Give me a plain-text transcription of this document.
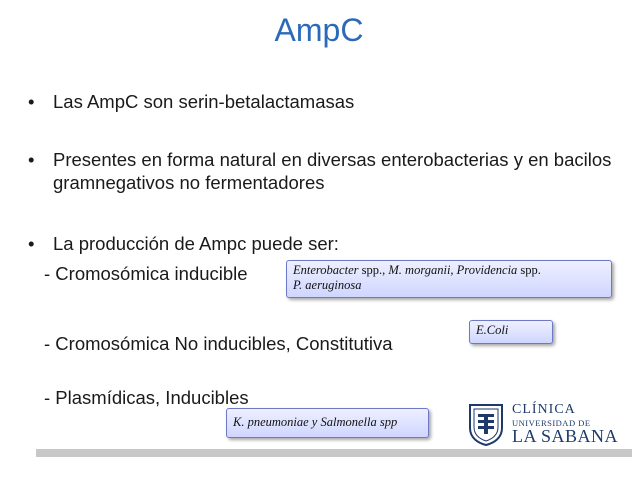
AmpC
•	Las AmpC son serin-betalactamasas
•	Presentes en forma natural en diversas enterobacterias y en bacilos gramnegativos no fermentadores
•	La producción de Ampc puede ser:
- Cromosómica inducible
- Cromosómica No inducibles, Constitutiva
- Plasmídicas, Inducibles
Enterobacter spp., M. morganii, Providencia spp.
P. aeruginosa
E.Coli
K. pneumoniae y Salmonella spp
CLÍNICA
UNIVERSIDAD DE
LA SABANA
